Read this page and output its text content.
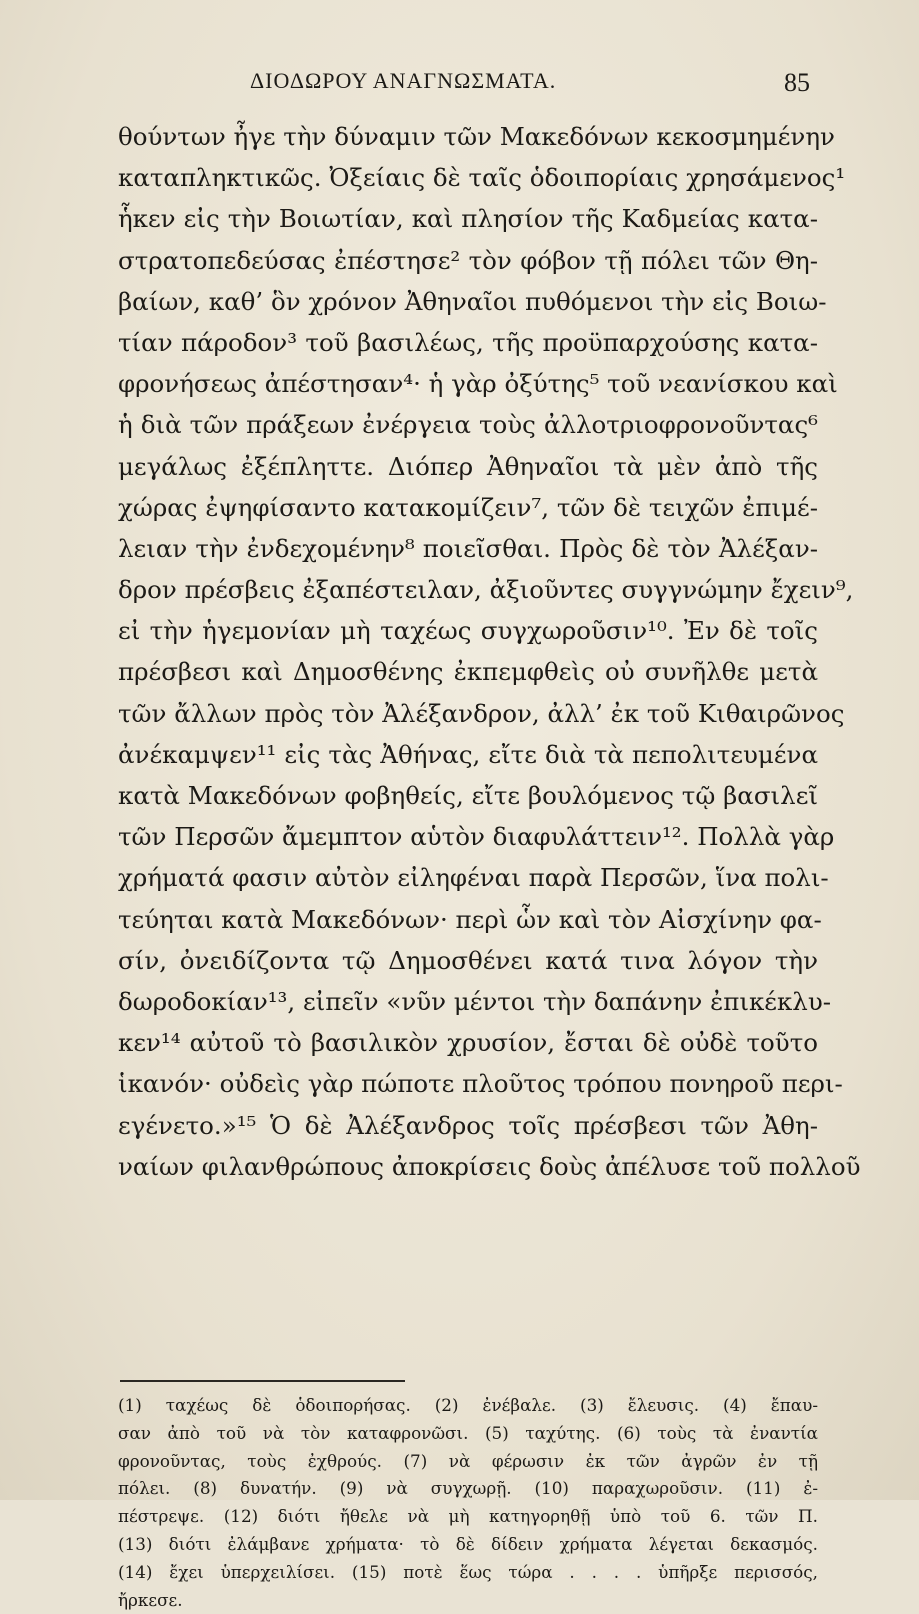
ΔΙΟΔΩΡΟΥ ΑΝΑΓΝΩΣΜΑΤΑ.	85
θούντων ἦγε τὴν δύναμιν τῶν Μακεδόνων κεκοσμημένην
καταπληκτικῶς. Ὀξείαις δὲ ταῖς ὁδοιπορίαις χρησάμενος¹
ἧκεν εἰς τὴν Βοιωτίαν, καὶ πλησίον τῆς Καδμείας κατα-
στρατοπεδεύσας ἐπέστησε² τὸν φόβον τῇ πόλει τῶν Θη-
βαίων, καθ’ ὃν χρόνον Ἀθηναῖοι πυθόμενοι τὴν εἰς Βοιω-
τίαν πάροδον³ τοῦ βασιλέως, τῆς προϋπαρχούσης κατα-
φρονήσεως ἀπέστησαν⁴· ἡ γὰρ ὀξύτης⁵ τοῦ νεανίσκου καὶ
ἡ διὰ τῶν πράξεων ἐνέργεια τοὺς ἀλλοτριοφρονοῦντας⁶
μεγάλως ἐξέπληττε. Διόπερ Ἀθηναῖοι τὰ μὲν ἀπὸ τῆς
χώρας ἐψηφίσαντο κατακομίζειν⁷, τῶν δὲ τειχῶν ἐπιμέ-
λειαν τὴν ἐνδεχομένην⁸ ποιεῖσθαι. Πρὸς δὲ τὸν Ἀλέξαν-
δρον πρέσβεις ἐξαπέστειλαν, ἀξιοῦντες συγγνώμην ἔχειν⁹,
εἰ τὴν ἡγεμονίαν μὴ ταχέως συγχωροῦσιν¹⁰. Ἐν δὲ τοῖς
πρέσβεσι καὶ Δημοσθένης ἐκπεμφθεὶς οὐ συνῆλθε μετὰ
τῶν ἄλλων πρὸς τὸν Ἀλέξανδρον, ἀλλ’ ἐκ τοῦ Κιθαιρῶνος
ἀνέκαμψεν¹¹ εἰς τὰς Ἀθήνας, εἴτε διὰ τὰ πεπολιτευμένα
κατὰ Μακεδόνων φοβηθείς, εἴτε βουλόμενος τῷ βασιλεῖ
τῶν Περσῶν ἄμεμπτον αὑτὸν διαφυλάττειν¹². Πολλὰ γὰρ
χρήματά φασιν αὐτὸν εἰληφέναι παρὰ Περσῶν, ἵνα πολι-
τεύηται κατὰ Μακεδόνων· περὶ ὧν καὶ τὸν Αἰσχίνην φα-
σίν, ὀνειδίζοντα τῷ Δημοσθένει κατά τινα λόγον τὴν
δωροδοκίαν¹³, εἰπεῖν «νῦν μέντοι τὴν δαπάνην ἐπικέκλυ-
κεν¹⁴ αὐτοῦ τὸ βασιλικὸν χρυσίον, ἔσται δὲ οὐδὲ τοῦτο
ἱκανόν· οὐδεὶς γὰρ πώποτε πλοῦτος τρόπου πονηροῦ περι-
εγένετο.»¹⁵ Ὁ δὲ Ἀλέξανδρος τοῖς πρέσβεσι τῶν Ἀθη-
ναίων φιλανθρώπους ἀποκρίσεις δοὺς ἀπέλυσε τοῦ πολλοῦ
(1) ταχέως δὲ ὁδοιπορήσας. (2) ἐνέβαλε. (3) ἔλευσις. (4) ἔπαυ-
σαν ἀπὸ τοῦ νὰ τὸν καταφρονῶσι. (5) ταχύτης. (6) τοὺς τὰ ἐναντία
φρονοῦντας, τοὺς ἐχθρούς. (7) νὰ φέρωσιν ἐκ τῶν ἀγρῶν ἐν τῇ
πόλει. (8) δυνατήν. (9) νὰ συγχωρῇ. (10) παραχωροῦσιν. (11) ἐ-
πέστρεψε. (12) διότι ἤθελε νὰ μὴ κατηγορηθῇ ὑπὸ τοῦ 6. τῶν Π.
(13) διότι ἐλάμβανε χρήματα· τὸ δὲ δίδειν χρήματα λέγεται δεκασμός.
(14) ἔχει ὑπερχειλίσει. (15) ποτὲ ἕως τώρα . . . . ὑπῆρξε περισσός,
ἤρκεσε.
